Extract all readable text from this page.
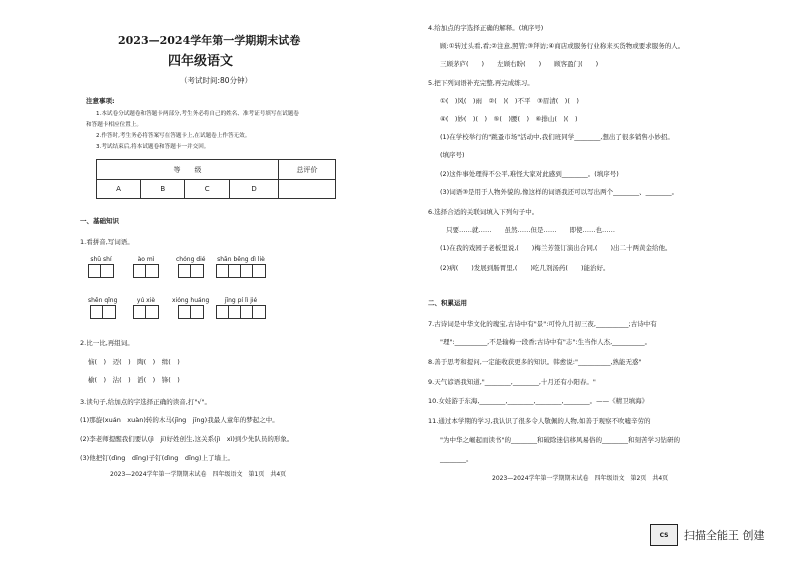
2023—2024学年第一学期期末试卷
四年级语文
（考试时间:80分钟）
注意事项:
1.本试卷分试题卷和答题卡两部分,考生务必将自己的姓名、准考证号填写在试题卷
和答题卡相应位置上。
2.作答时,考生务必将答案写在答题卡上,在试题卷上作答无效。
3.考试结束后,将本试题卷和答题卡一并交回。
等　　级				总评价
A	B	C	D	
一、基础知识
1.看拼音,写词语。
shū shí	ào mì	chóng dié shān běng dì liè
shēn qǐng	yú xiè	xióng huáng	jīng pí lì jié
2.比一比,再组词。
恼(　)　迈(　)　陶(　)　缉(　)
榆(　)　沾(　)　滔(　)　锋(　)
3.读句子,给加点的字选择正确的读音,打"√"。
(1)那旋(xuán　xuàn)转的木马(jīng　jīng)我最人童年的梦起之中。
(2)李老师提醒我们要认(jì　ji)好姓创生,这关系(jì　xì)到少先队员的形象。
(3)他把钉(dìng　dīng)子钉(dìng　dīng)上了墙上。
2023—2024学年第一学期期末试卷　四年级语文　第1页　共4页
4.给加点的字选择正确的解释。(填序号)
顾:①转过头看,看;②注意,照管;③拜访;④商店或服务行业称来买货物或要求服务的人。
三顾茅庐(　　)　　左顾右盼(　　)　　顾客盈门(　　)
5.把下列词语补充完整,再完成练习。
①(　)风(　)雨　②(　)(　)不平　③眉清(　)(　)
④(　)妙(　)(　)　⑤(　)腰(　)　⑥排山(　)(　)
(1)在学校举行的"跳蚤市场"活动中,我们班同学________,想出了很多销售小妙招。
(填序号)
(2)这件事处理得不公平,难怪大家对此感到________。(填序号)
(3)词语③是用于人物外貌的,像这样的词语我还可以写出两个________、________。
6.选择合适的关联词填入下列句子中。
只要……就……　　虽然……但是……　　即使……也……
(1)在我的戏园子老板里说,(　　)梅兰芳签订演出合同,(　　)出二十两黄金给他。
(2)病(　　)发展到肠胃里,(　　)吃几剂汤药(　　)能治好。
二、积累运用
7.古诗词是中华文化的瑰宝,古诗中有"景":可怜九月初三夜,__________;古诗中有
"理":__________,不是输梅一段香;古诗中有"志":生当作人杰,__________。
8.善于思考和提问,一定能收获更多的知识。韩愈说:"__________,熟能无惑"
9.天气谚语我知道,"________,________,十月还有小阳春。"
10.女娃游于东海,________,________,________,________。——《精卫填海》
11.通过本学期的学习,我认识了很多令人敬佩的人物,如善于观察不吹嘘辛劳的
"为中华之崛起而读书"的________和破除迷信移风易俗的________和刻苦学习钻研的
________。
2023—2024学年第一学期期末试卷　四年级语文　第2页　共4页
CS	扫描全能王 创建
